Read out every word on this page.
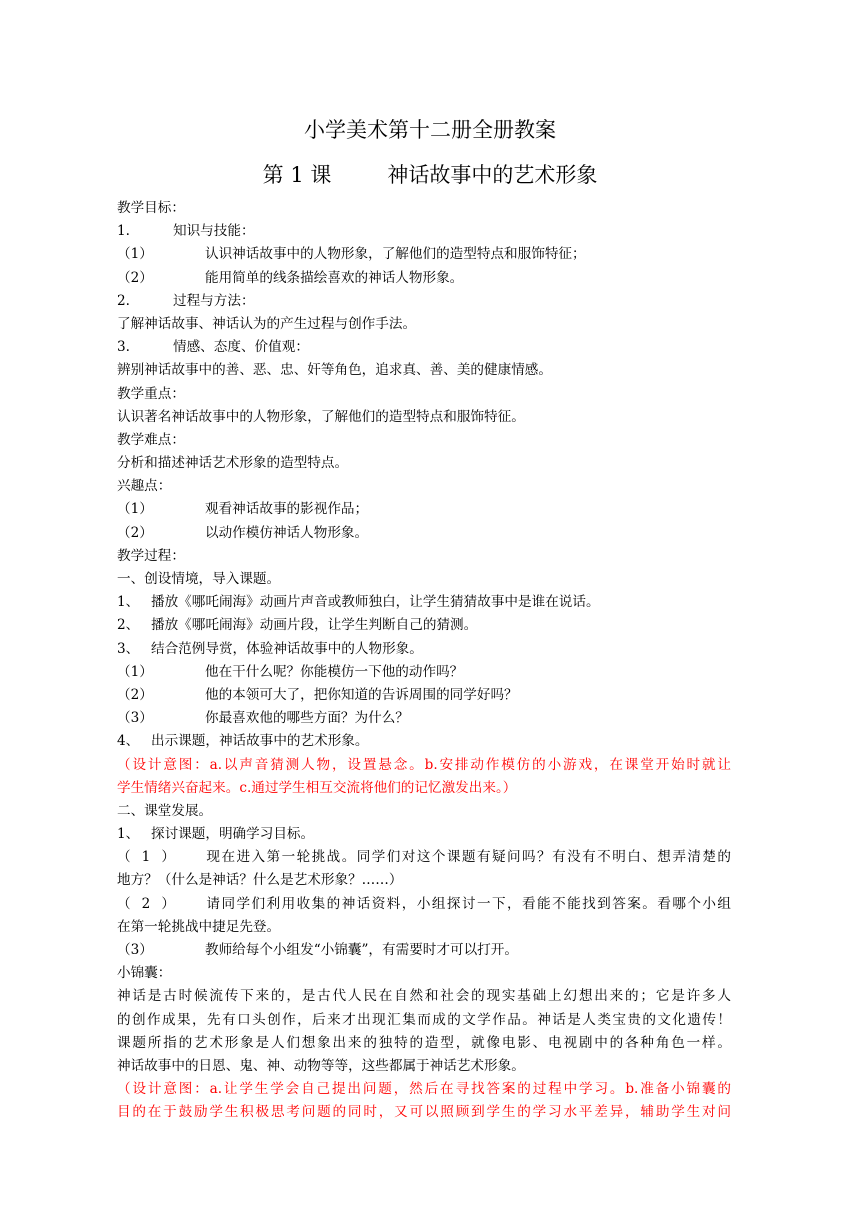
小学美术第十二册全册教案
第 1 课	神话故事中的艺术形象
教学目标：
1.	知识与技能：
（1）	认识神话故事中的人物形象，了解他们的造型特点和服饰特征；
（2）	能用简单的线条描绘喜欢的神话人物形象。
2.	过程与方法：
了解神话故事、神话认为的产生过程与创作手法。
3.	情感、态度、价值观：
辨别神话故事中的善、恶、忠、奸等角色，追求真、善、美的健康情感。
教学重点：
认识著名神话故事中的人物形象，了解他们的造型特点和服饰特征。
教学难点：
分析和描述神话艺术形象的造型特点。
兴趣点：
（1）	观看神话故事的影视作品；
（2）	以动作模仿神话人物形象。
教学过程：
一、创设情境，导入课题。
1、 播放《哪吒闹海》动画片声音或教师独白，让学生猜猜故事中是谁在说话。
2、 播放《哪吒闹海》动画片段，让学生判断自己的猜测。
3、 结合范例导赏，体验神话故事中的人物形象。
（1）	他在干什么呢？你能模仿一下他的动作吗？
（2）	他的本领可大了，把你知道的告诉周围的同学好吗？
（3）	你最喜欢他的哪些方面？为什么？
4、 出示课题，神话故事中的艺术形象。
（设计意图：a.以声音猜测人物，设置悬念。b.安排动作模仿的小游戏，在课堂开始时就让
学生情绪兴奋起来。c.通过学生相互交流将他们的记忆激发出来。）
二、课堂发展。
1、 探讨课题，明确学习目标。
（1） 现在进入第一轮挑战。同学们对这个课题有疑问吗？有没有不明白、想弄清楚的
地方？（什么是神话？什么是艺术形象？……）
（2） 请同学们利用收集的神话资料，小组探讨一下，看能不能找到答案。看哪个小组
在第一轮挑战中捷足先登。
（3）	教师给每个小组发“小锦囊”，有需要时才可以打开。
小锦囊：
神话是古时候流传下来的，是古代人民在自然和社会的现实基础上幻想出来的；它是许多人
的创作成果，先有口头创作，后来才出现汇集而成的文学作品。神话是人类宝贵的文化遗传！
课题所指的艺术形象是人们想象出来的独特的造型，就像电影、电视剧中的各种角色一样。
神话故事中的日恩、鬼、神、动物等等，这些都属于神话艺术形象。
（设计意图：a.让学生学会自己提出问题，然后在寻找答案的过程中学习。b.准备小锦囊的
目的在于鼓励学生积极思考问题的同时，又可以照顾到学生的学习水平差异，辅助学生对问
